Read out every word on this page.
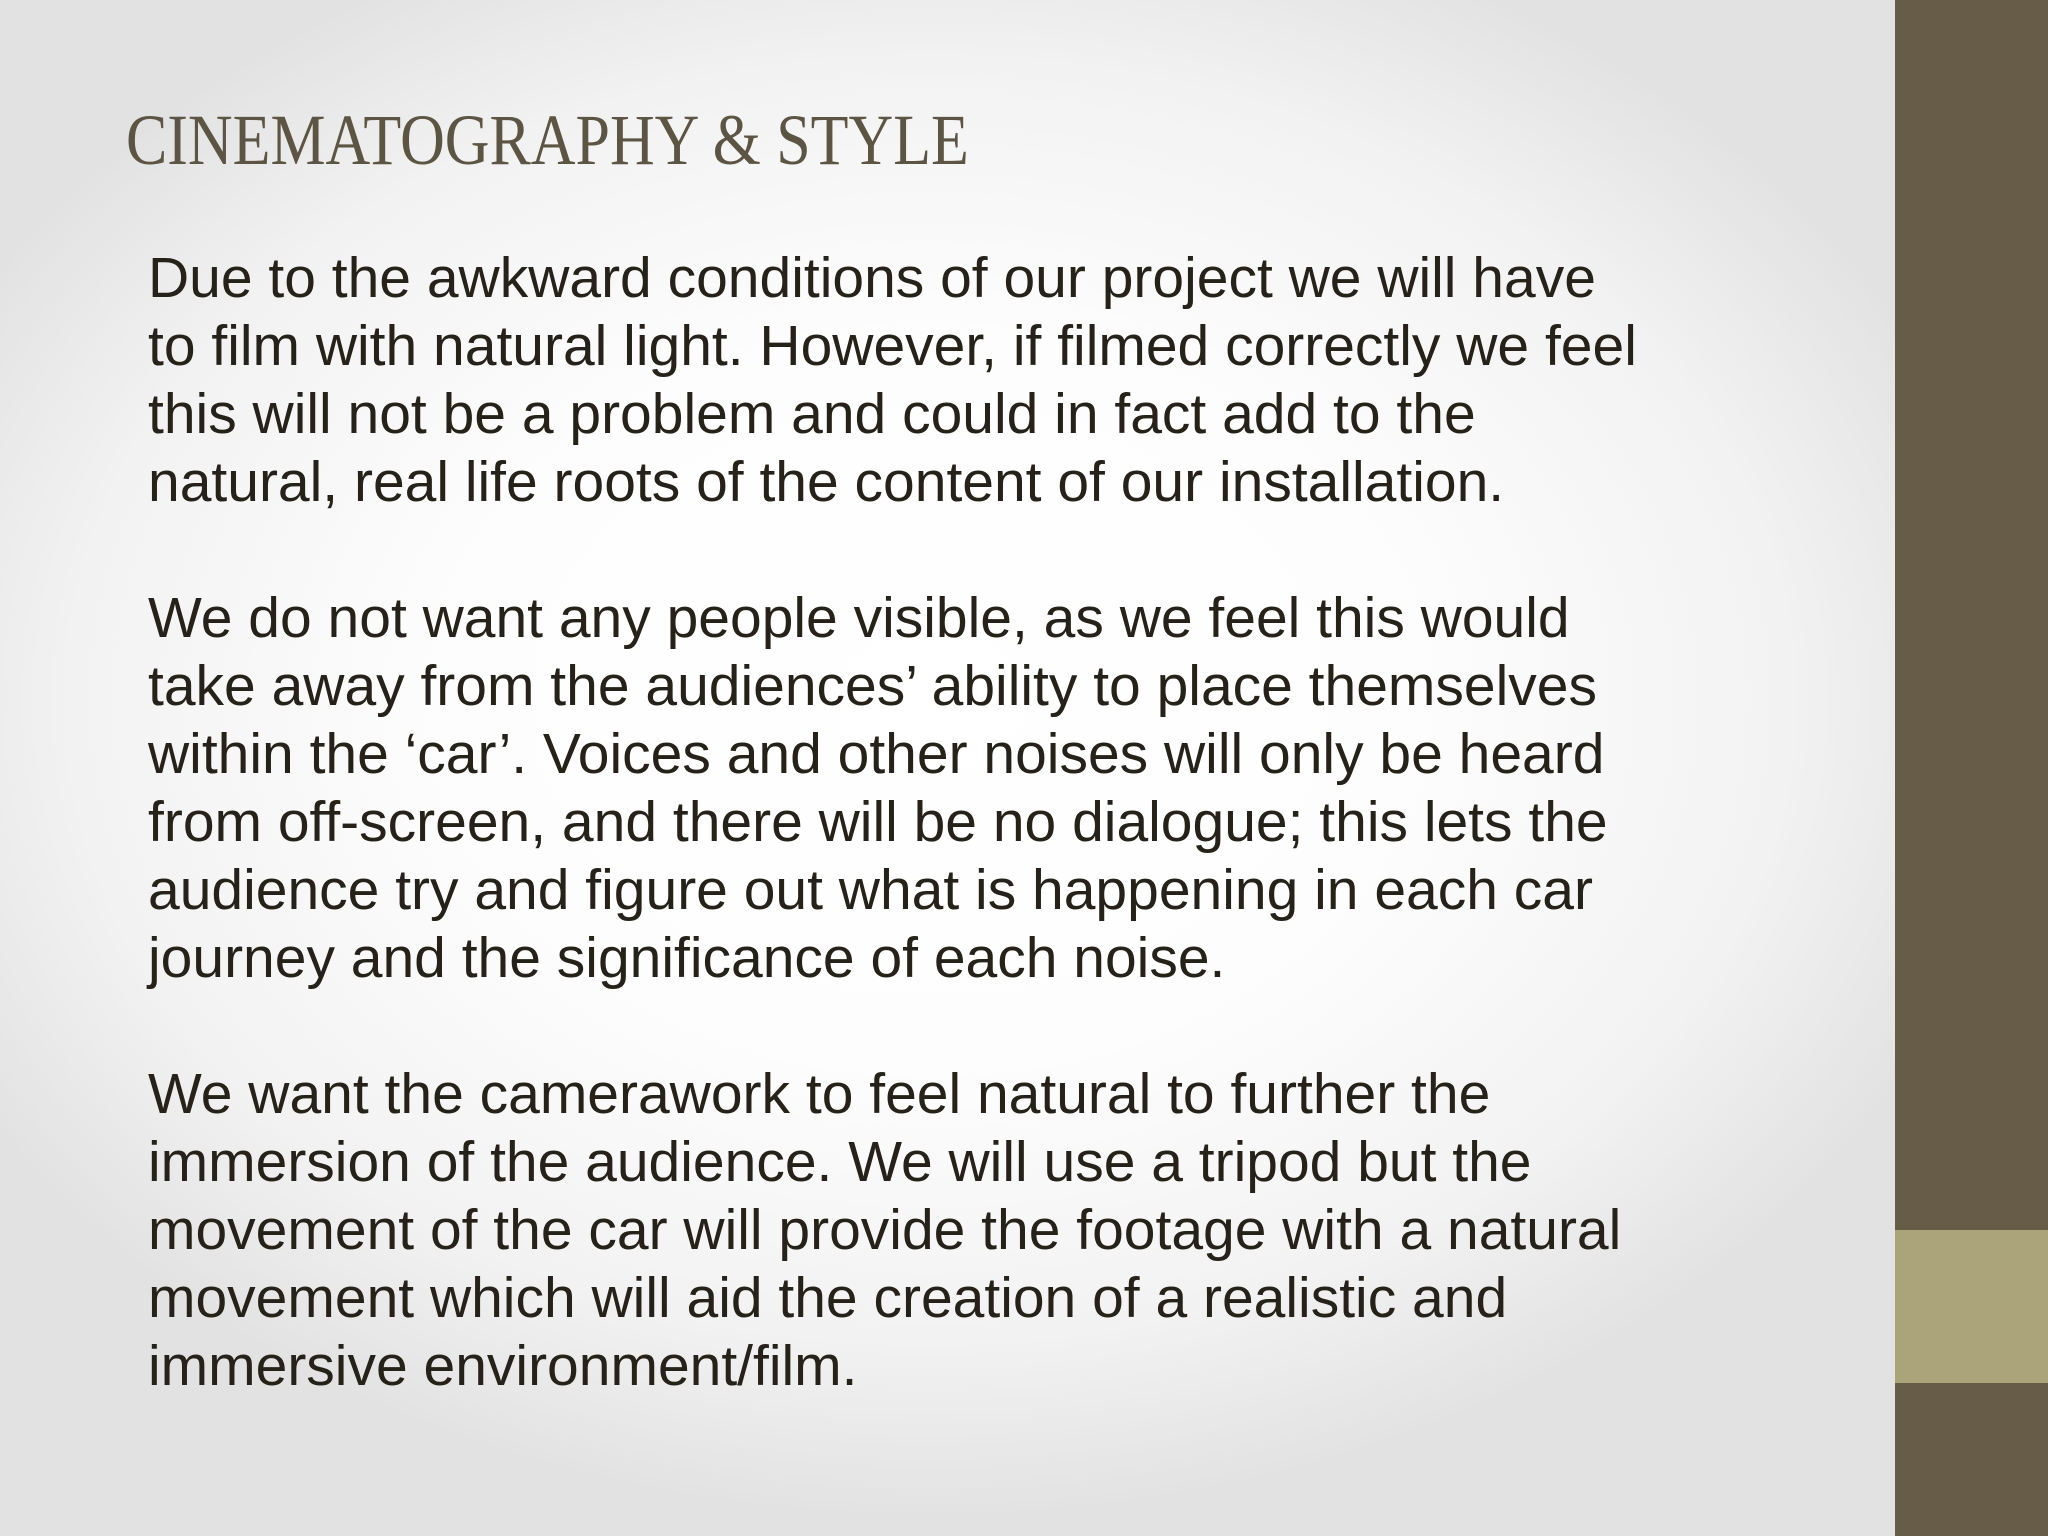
CINEMATOGRAPHY & STYLE

Due to the awkward conditions of our project we will have
to film with natural light. However, if filmed correctly we feel
this will not be a problem and could in fact add to the
natural, real life roots of the content of our installation.

We do not want any people visible, as we feel this would
take away from the audiences’ ability to place themselves
within the ‘car’. Voices and other noises will only be heard
from off-screen, and there will be no dialogue; this lets the
audience try and figure out what is happening in each car
journey and the significance of each noise.

We want the camerawork to feel natural to further the
immersion of the audience. We will use a tripod but the
movement of the car will provide the footage with a natural
movement which will aid the creation of a realistic and
immersive environment/film.
